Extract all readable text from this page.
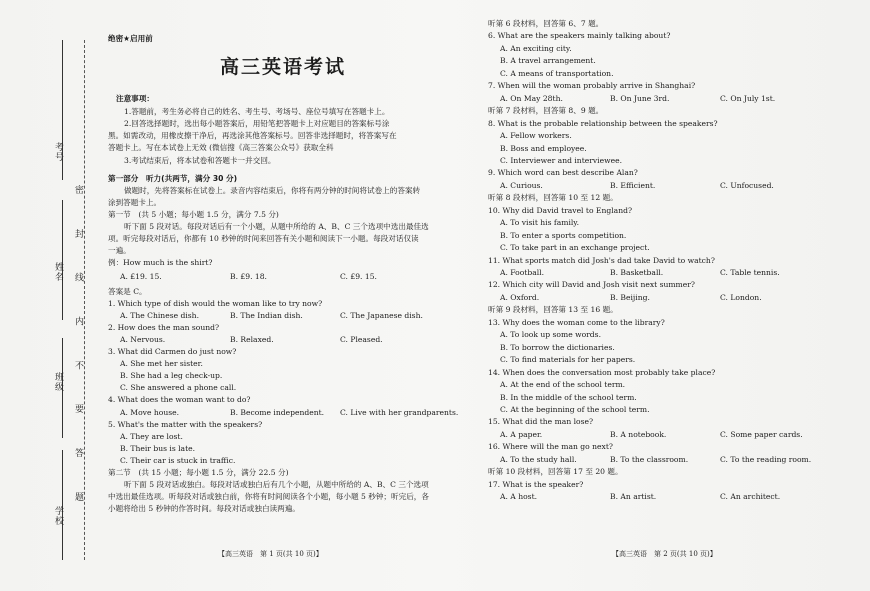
考号
姓名
班级
学校 密 封 线 内 不 要 答 题
绝密★启用前
高三英语考试
注意事项：
1.答题前，考生务必将自己的姓名、考生号、考场号、座位号填写在答题卡上。
2.回答选择题时，选出每小题答案后，用铅笔把答题卡上对应题目的答案标号涂
黑。如需改动，用橡皮擦干净后，再选涂其他答案标号。回答非选择题时，将答案写在
答题卡上。写在本试卷上无效 (微信搜《高三答案公众号》获取全科
3.考试结束后，将本试卷和答题卡一并交回。
第一部分　听力(共两节，满分 30 分)
做题时，先将答案标在试卷上。录音内容结束后，你将有两分钟的时间将试卷上的答案转
涂到答题卡上。
第一节　(共 5 小题；每小题 1.5 分，满分 7.5 分)
听下面 5 段对话。每段对话后有一个小题，从题中所给的 A、B、C 三个选项中选出最佳选
项。听完每段对话后，你都有 10 秒钟的时间来回答有关小题和阅读下一小题。每段对话仅读
一遍。
例：How much is the shirt?
A. £19. 15.	B. £9. 18.	C. £9. 15.
答案是 C。
1. Which type of dish would the woman like to try now?
A. The Chinese dish.	B. The Indian dish.	C. The Japanese dish.
2. How does the man sound?
A. Nervous.	B. Relaxed.	C. Pleased.
3. What did Carmen do just now?
A. She met her sister.
B. She had a leg check-up.
C. She answered a phone call.
4. What does the woman want to do?
A. Move house.	B. Become independent. C. Live with her grandparents.
5. What's the matter with the speakers?
A. They are lost.
B. Their bus is late.
C. Their car is stuck in traffic.
第二节　(共 15 小题；每小题 1.5 分，满分 22.5 分)
听下面 5 段对话或独白。每段对话或独白后有几个小题，从题中所给的 A、B、C 三个选项
中选出最佳选项。听每段对话或独白前，你将有时间阅读各个小题，每小题 5 秒钟；听完后，各
小题将给出 5 秒钟的作答时间。每段对话或独白读两遍。
听第 6 段材料，回答第 6、7 题。
6. What are the speakers mainly talking about?
A. An exciting city.
B. A travel arrangement.
C. A means of transportation.
7. When will the woman probably arrive in Shanghai?
A. On May 28th.	B. On June 3rd.	C. On July 1st.
听第 7 段材料，回答第 8、9 题。
8. What is the probable relationship between the speakers?
A. Fellow workers.
B. Boss and employee.
C. Interviewer and interviewee.
9. Which word can best describe Alan?
A. Curious.	B. Efficient.	C. Unfocused.
听第 8 段材料，回答第 10 至 12 题。
10. Why did David travel to England?
A. To visit his family.
B. To enter a sports competition.
C. To take part in an exchange project.
11. What sports match did Josh's dad take David to watch?
A. Football.	B. Basketball.	C. Table tennis.
12. Which city will David and Josh visit next summer?
A. Oxford.	B. Beijing.	C. London.
听第 9 段材料，回答第 13 至 16 题。
13. Why does the woman come to the library?
A. To look up some words.
B. To borrow the dictionaries.
C. To find materials for her papers.
14. When does the conversation most probably take place?
A. At the end of the school term.
B. In the middle of the school term.
C. At the beginning of the school term.
15. What did the man lose?
A. A paper.	B. A notebook.	C. Some paper cards.
16. Where will the man go next?
A. To the study hall.	B. To the classroom.	C. To the reading room.
听第 10 段材料，回答第 17 至 20 题。
17. What is the speaker?
A. A host.	B. An artist.	C. An architect.
【高三英语　第 1 页(共 10 页)】	【高三英语　第 2 页(共 10 页)】
